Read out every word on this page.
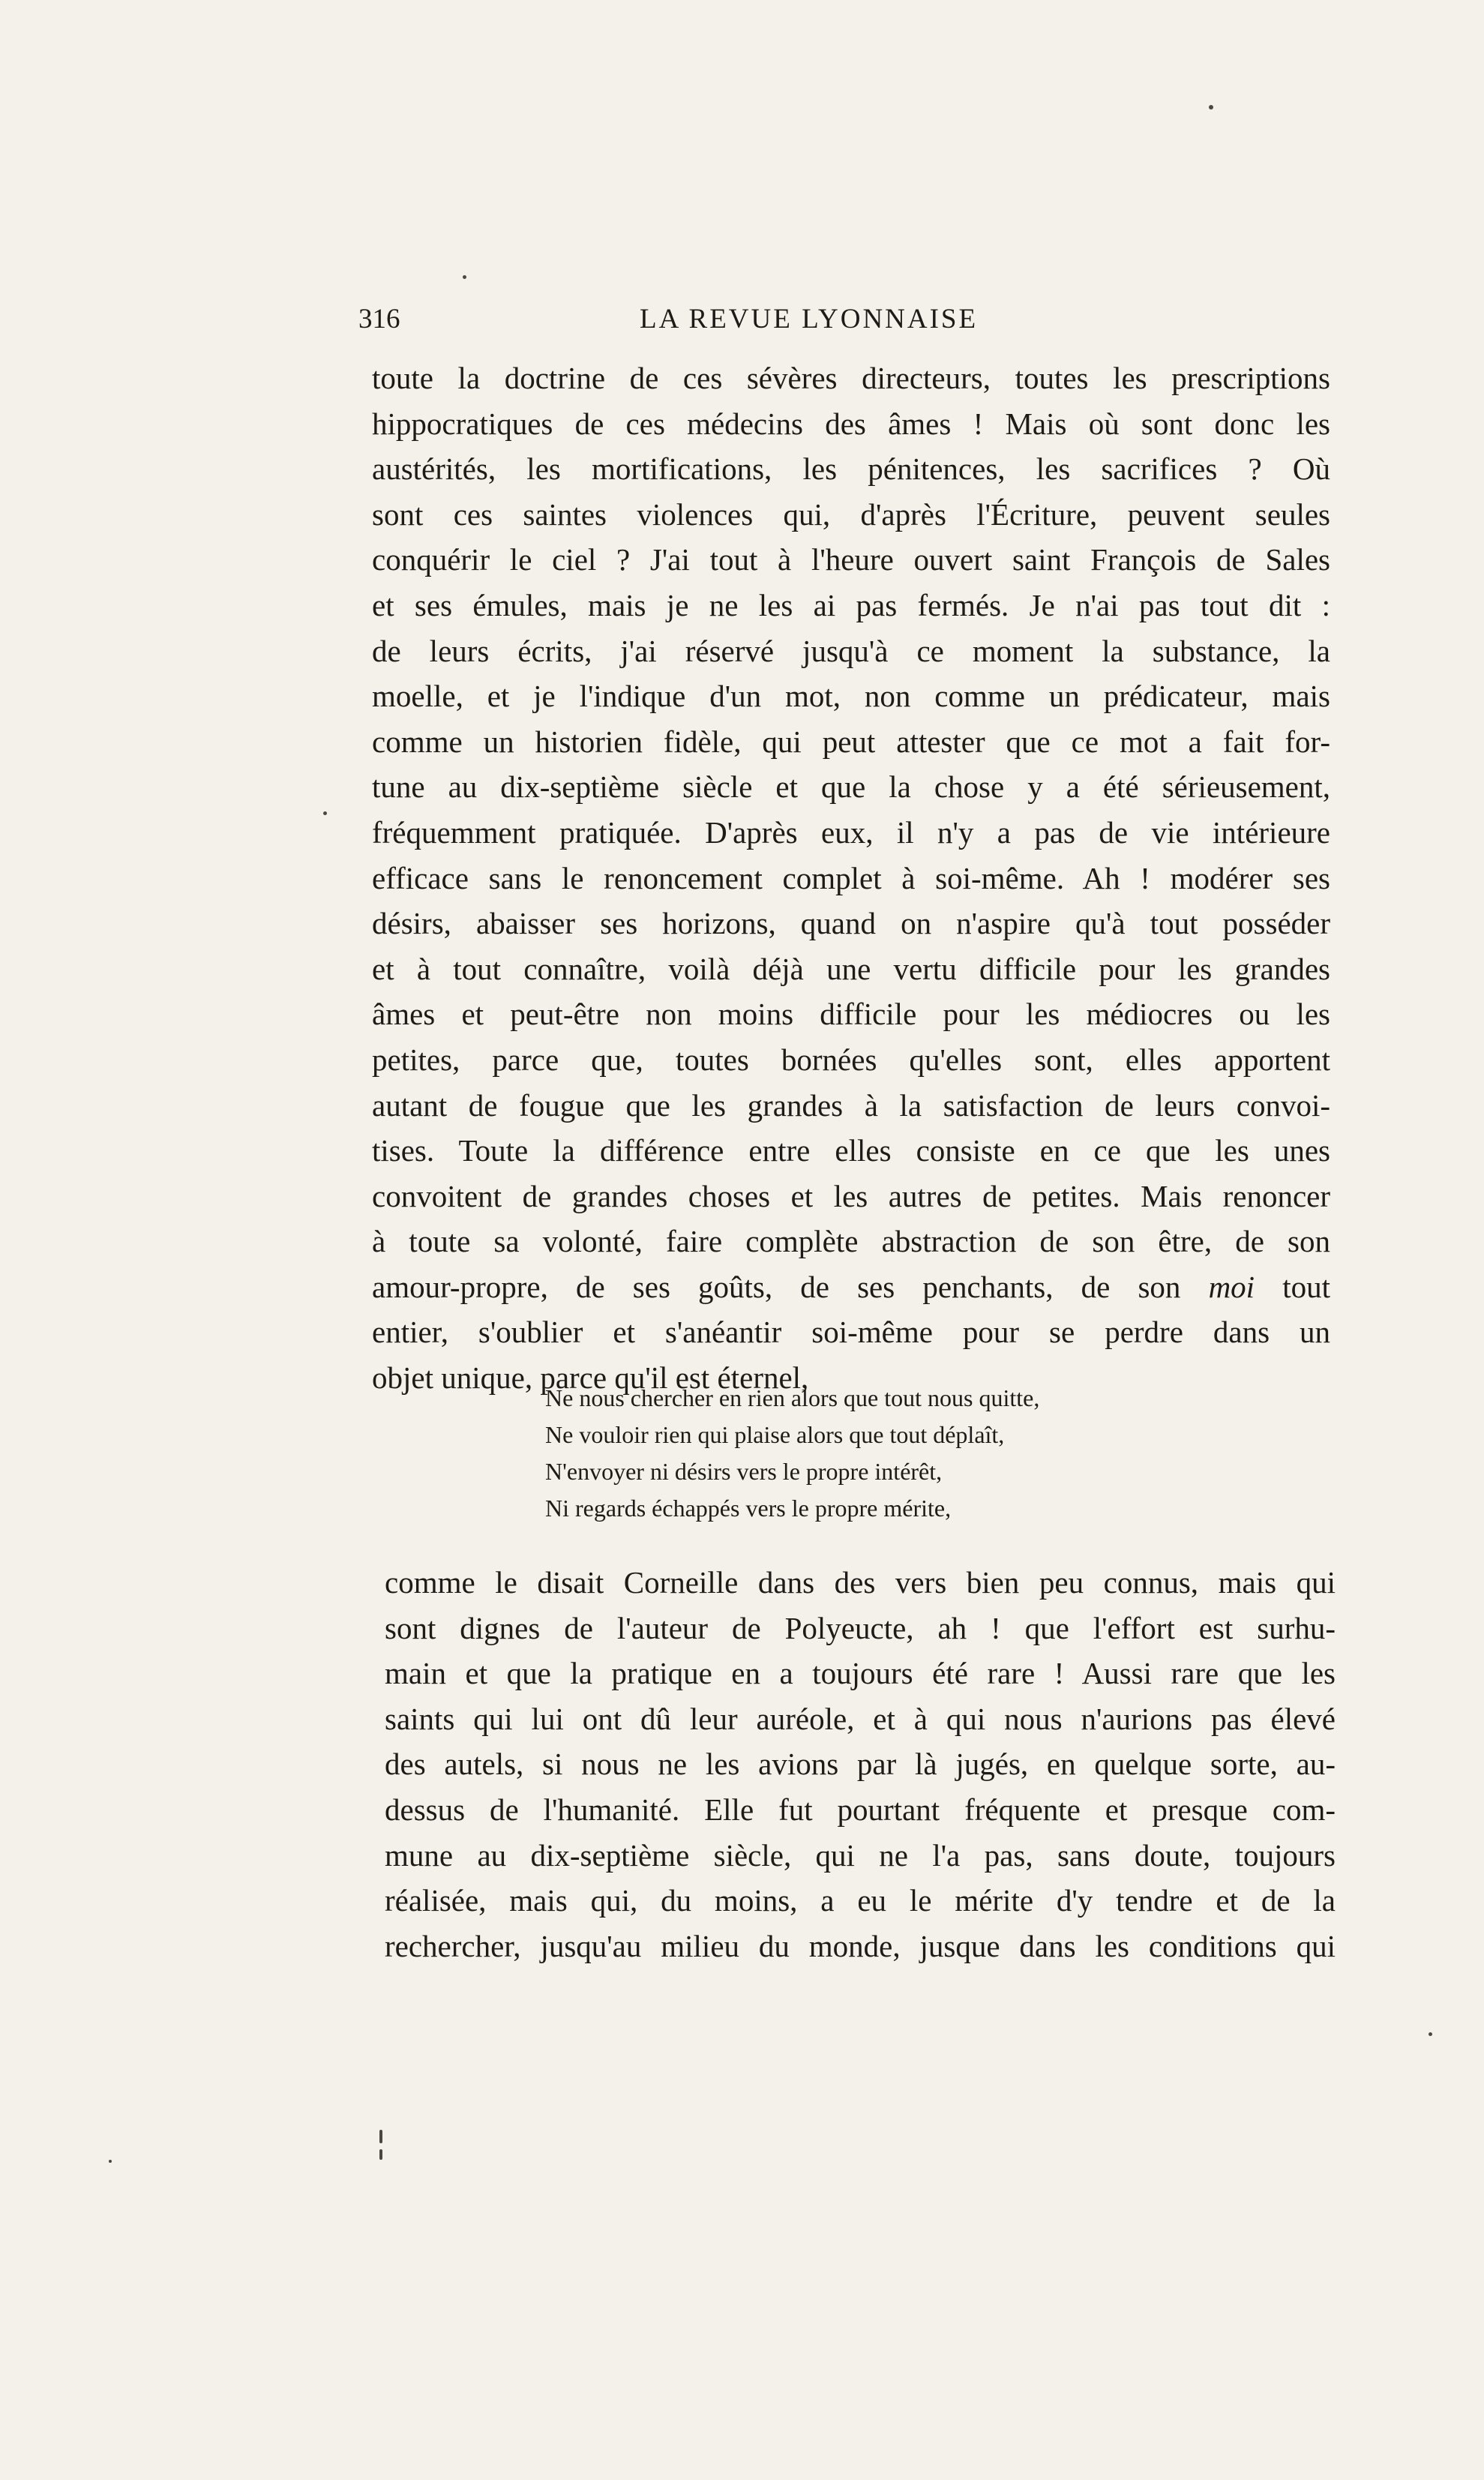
316	LA REVUE LYONNAISE
toute la doctrine de ces sévères directeurs, toutes les prescriptions
hippocratiques de ces médecins des âmes ! Mais où sont donc les
austérités, les mortifications, les pénitences, les sacrifices ? Où
sont ces saintes violences qui, d'après l'Écriture, peuvent seules
conquérir le ciel ? J'ai tout à l'heure ouvert saint François de Sales
et ses émules, mais je ne les ai pas fermés. Je n'ai pas tout dit :
de leurs écrits, j'ai réservé jusqu'à ce moment la substance, la
moelle, et je l'indique d'un mot, non comme un prédicateur, mais
comme un historien fidèle, qui peut attester que ce mot a fait for-
tune au dix-septième siècle et que la chose y a été sérieusement,
fréquemment pratiquée. D'après eux, il n'y a pas de vie intérieure
efficace sans le renoncement complet à soi-même. Ah ! modérer ses
désirs, abaisser ses horizons, quand on n'aspire qu'à tout posséder
et à tout connaître, voilà déjà une vertu difficile pour les grandes
âmes et peut-être non moins difficile pour les médiocres ou les
petites, parce que, toutes bornées qu'elles sont, elles apportent
autant de fougue que les grandes à la satisfaction de leurs convoi-
tises. Toute la différence entre elles consiste en ce que les unes
convoitent de grandes choses et les autres de petites. Mais renoncer
à toute sa volonté, faire complète abstraction de son être, de son
amour-propre, de ses goûts, de ses penchants, de son moi tout
entier, s'oublier et s'anéantir soi-même pour se perdre dans un
objet unique, parce qu'il est éternel,
Ne nous chercher en rien alors que tout nous quitte,
Ne vouloir rien qui plaise alors que tout déplaît,
N'envoyer ni désirs vers le propre intérêt,
Ni regards échappés vers le propre mérite,
comme le disait Corneille dans des vers bien peu connus, mais qui
sont dignes de l'auteur de Polyeucte, ah ! que l'effort est surhu-
main et que la pratique en a toujours été rare ! Aussi rare que les
saints qui lui ont dû leur auréole, et à qui nous n'aurions pas élevé
des autels, si nous ne les avions par là jugés, en quelque sorte, au-
dessus de l'humanité. Elle fut pourtant fréquente et presque com-
mune au dix-septième siècle, qui ne l'a pas, sans doute, toujours
réalisée, mais qui, du moins, a eu le mérite d'y tendre et de la
rechercher, jusqu'au milieu du monde, jusque dans les conditions qui
